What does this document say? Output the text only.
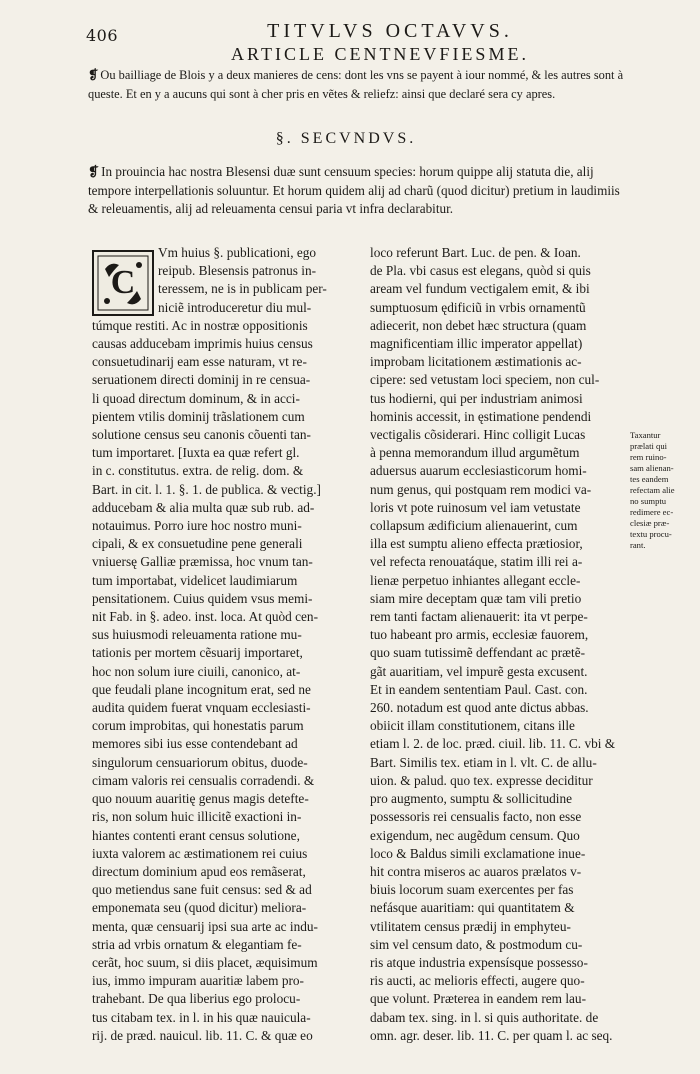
406	TITVLVS OCTAVVS.
ARTICLE CENTNEVFIESME.
❡ Ou bailliage de Blois y a deux manieres de cens: dont les vns se payent à iour nommé, & les autres sont à queste. Et en y a aucuns qui sont à cher pris en vẽtes & reliefz: ainsi que declaré sera cy apres.
§. SECVNDVS.
❡ In prouincia hac nostra Blesensi duæ sunt censuum species: horum quippe alij statuta die, alij tempore interpellationis soluuntur. Et horum quidem alij ad charũ (quod dicitur) pretium in laudimiis & releuamentis, alij ad releuamenta censui paria vt infra declarabitur.
C
Vm huius §. publicationi, ego
reipub. Blesensis patronus in-
teressem, ne is in publicam per-
niciẽ introduceretur diu mul-
túmque restiti. Ac in nostræ oppositionis
causas adducebam imprimis huius census
consuetudinarij eam esse naturam, vt re-
seruationem directi dominij in re censua-
li quoad directum dominum, & in acci-
pientem vtilis dominij trãslationem cum
solutione census seu canonis cõuenti tan-
tum importaret. [Iuxta ea quæ refert gl.
in c. constitutus. extra. de relig. dom. &
Bart. in cit. l. 1. §. 1. de publica. & vectig.]
adducebam & alia multa quæ sub rub. ad-
notauimus. Porro iure hoc nostro muni-
cipali, & ex consuetudine pene generali
vniuersę Galliæ præmissa, hoc vnum tan-
tum importabat, videlicet laudimiarum
pensitationem. Cuius quidem vsus memi-
nit Fab. in §. adeo. inst. loca. At quòd cen-
sus huiusmodi releuamenta ratione mu-
tationis per mortem cẽsuarij importaret,
hoc non solum iure ciuili, canonico, at-
que feudali plane incognitum erat, sed ne
audita quidem fuerat vnquam ecclesiasti-
corum improbitas, qui honestatis parum
memores sibi ius esse contendebant ad
singulorum censuariorum obitus, duode-
cimam valoris rei censualis corradendi. &
quo nouum auaritię genus magis detefte-
ris, non solum huic illicitẽ exactioni in-
hiantes contenti erant census solutione,
iuxta valorem ac æstimationem rei cuius
directum dominium apud eos remãserat,
quo metiendus sane fuit census: sed & ad
emponemata seu (quod dicitur) meliora-
menta, quæ censuarij ipsi sua arte ac indu-
stria ad vrbis ornatum & elegantiam fe-
cerãt, hoc suum, si diis placet, æquisimum
ius, immo impuram auaritiæ labem pro-
trahebant. De qua liberius ego prolocu-
tus citabam tex. in l. in his quæ nauicula-
rij. de præd. nauicul. lib. 11. C. & quæ eo
loco referunt Bart. Luc. de pen. & Ioan.
de Pla. vbi casus est elegans, quòd si quis
aream vel fundum vectigalem emit, & ibi
sumptuosum ędificiũ in vrbis ornamentũ
adiecerit, non debet hæc structura (quam
magnificentiam illic imperator appellat)
improbam licitationem æstimationis ac-
cipere: sed vetustam loci speciem, non cul-
tus hodierni, qui per industriam animosi
hominis accessit, in ęstimatione pendendi
vectigalis cõsiderari. Hinc colligit Lucas
à penna memorandum illud argumẽtum
aduersus auarum ecclesiasticorum homi-
num genus, qui postquam rem modici va-
loris vt pote ruinosum vel iam vetustate
collapsum ædificium alienauerint, cum
illa est sumptu alieno effecta prætiosior,
vel refecta renouatáque, statim illi rei a-
lienæ perpetuo inhiantes allegant eccle-
siam mire deceptam quæ tam vili pretio
rem tanti factam alienauerit: ita vt perpe-
tuo habeant pro armis, ecclesiæ fauorem,
quo suam tutissimẽ deffendant ac prætẽ-
gãt auaritiam, vel impurẽ gesta excusent.
Et in eandem sententiam Paul. Cast. con.
260. notadum est quod ante dictus abbas.
obiicit illam constitutionem, citans ille
etiam l. 2. de loc. præd. ciuil. lib. 11. C. vbi &
Bart. Similis tex. etiam in l. vlt. C. de allu-
uion. & palud. quo tex. expresse deciditur
pro augmento, sumptu & sollicitudine
possessoris rei censualis facto, non esse
exigendum, nec augẽdum censum. Quo
loco & Baldus simili exclamatione inue-
hit contra miseros ac auaros prælatos v-
biuis locorum suam exercentes per fas
nefásque auaritiam: qui quantitatem &
vtilitatem census prædij in emphyteu-
sim vel censum dato, & postmodum cu-
ris atque industria expensísque possesso-
ris aucti, ac melioris effecti, augere quo-
que volunt. Præterea in eandem rem lau-
dabam tex. sing. in l. si quis authoritate. de
omn. agr. deser. lib. 11. C. per quam l. ac seq.
Taxantur
prælati qui
rem ruino-
sam alienan-
tes eandem
refectam alie
no sumptu
redimere ec-
clesiæ præ-
textu procu-
rant.
